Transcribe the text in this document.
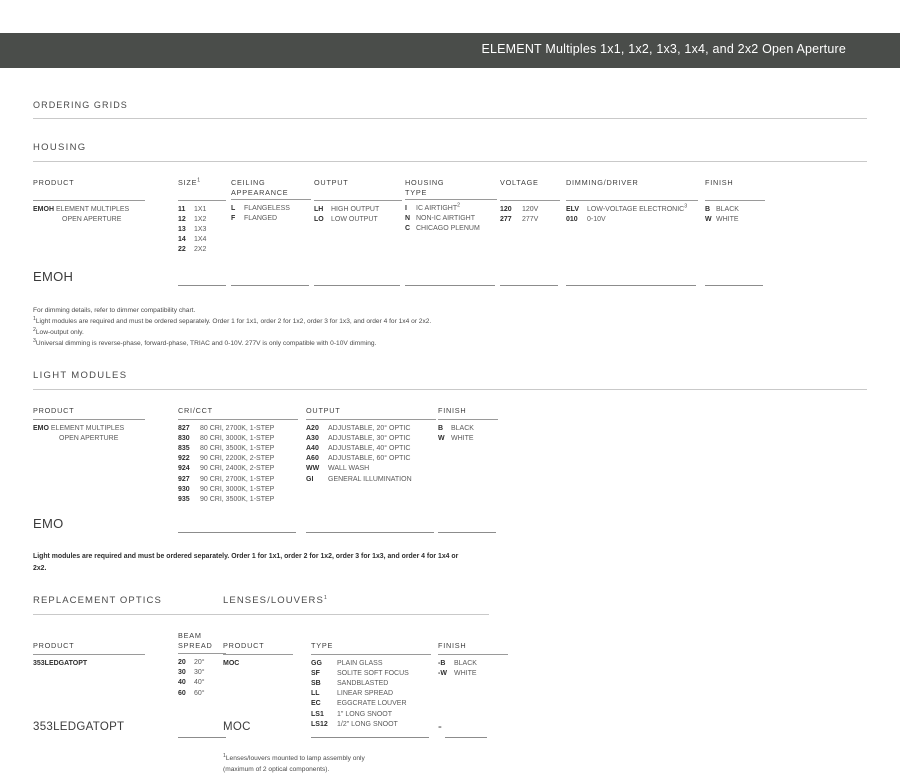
ELEMENT Multiples 1x1, 1x2, 1x3, 1x4, and 2x2 Open Aperture
ORDERING GRIDS
HOUSING
PRODUCT
EMOH ELEMENT MULTIPLES
OPEN APERTURE
SIZE$^1$
11 1X1
12 1X2
13 1X3
14 1X4
22 2X2
CEILING
APPEARANCE
L FLANGELESS
F FLANGED
OUTPUT
LH HIGH OUTPUT
LO LOW OUTPUT
HOUSING
TYPE
I IC AIRTIGHT$^2$
N NON-IC AIRTIGHT
C CHICAGO PLENUM
VOLTAGE
120 120V
277 277V
DIMMING/DRIVER
ELV LOW-VOLTAGE ELECTRONIC$^3$
010 0-10V
FINISH
B BLACK
W WHITE
EMOH
For dimming details, refer to dimmer compatibility chart.
$^1$Light modules are required and must be ordered separately. Order 1 for 1x1, order 2 for 1x2, order 3 for 1x3, and order 4 for 1x4 or 2x2.
$^2$Low-output only.
$^3$Universal dimming is reverse-phase, forward-phase, TRIAC and 0-10V. 277V is only compatible with 0-10V dimming.
LIGHT MODULES
PRODUCT
EMO ELEMENT MULTIPLES
OPEN APERTURE
CRI/CCT
827 80 CRI, 2700K, 1-STEP
830 80 CRI, 3000K, 1-STEP
835 80 CRI, 3500K, 1-STEP
922 90 CRI, 2200K, 2-STEP
924 90 CRI, 2400K, 2-STEP
927 90 CRI, 2700K, 1-STEP
930 90 CRI, 3000K, 1-STEP
935 90 CRI, 3500K, 1-STEP
OUTPUT
A20 ADJUSTABLE, 20° OPTIC
A30 ADJUSTABLE, 30° OPTIC
A40 ADJUSTABLE, 40° OPTIC
A60 ADJUSTABLE, 60° OPTIC
WW WALL WASH
GI GENERAL ILLUMINATION
FINISH
B BLACK
W WHITE
EMO
Light modules are required and must be ordered separately. Order 1 for 1x1, order 2 for 1x2, order 3 for 1x3, and order 4 for 1x4 or 2x2.
REPLACEMENT OPTICS
PRODUCT
353LEDGATOPT
BEAM
SPREAD
20 20°
30 30°
40 40°
60 60°
LENSES/LOUVERS$^1$
PRODUCT
MOC
TYPE
GG PLAIN GLASS
SF SOLITE SOFT FOCUS
SB SANDBLASTED
LL LINEAR SPREAD
EC EGGCRATE LOUVER
LS1 1" LONG SNOOT
LS12 1/2" LONG SNOOT
FINISH
-B BLACK
-W WHITE
353LEDGATOPT	MOC	-
$^1$Lenses/louvers mounted to lamp assembly only
(maximum of 2 optical components).
